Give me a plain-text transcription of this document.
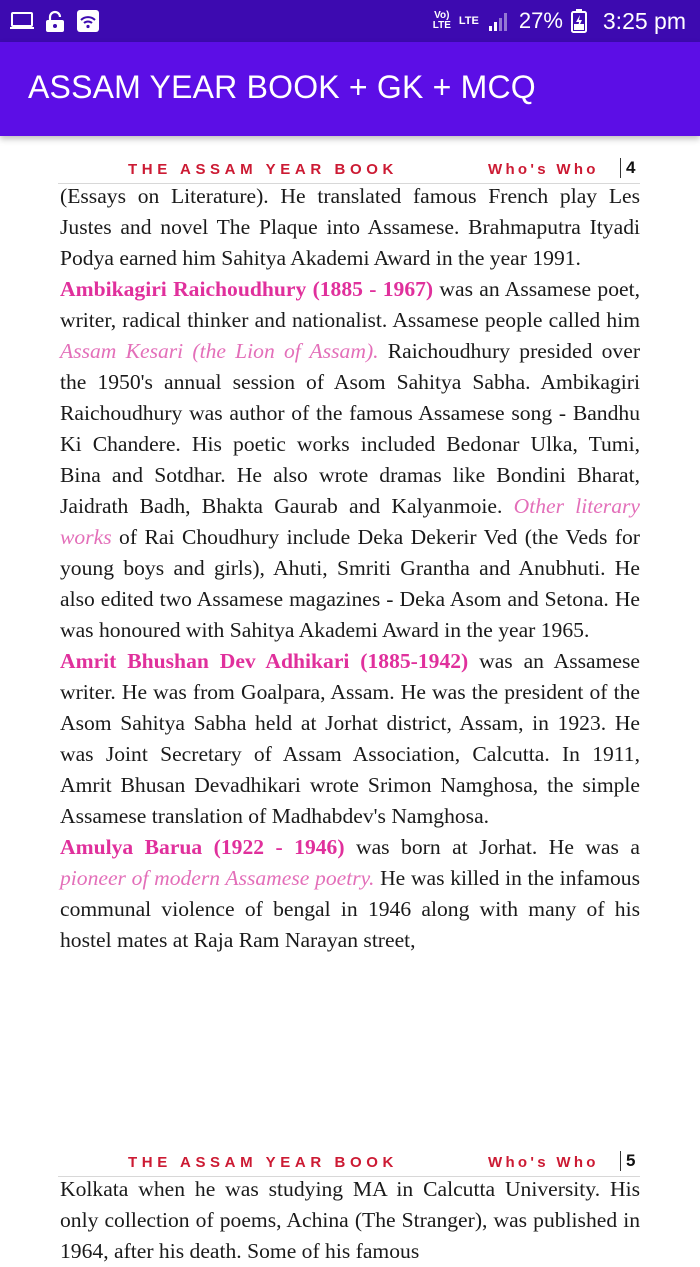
Vo)
LTE LTE 27% 3:25 pm
ASSAM YEAR BOOK + GK + MCQ
THE ASSAM YEAR BOOK	Who's Who	4

(Essays on Literature). He translated famous French play Les Justes and novel The Plaque into Assamese. Brahmaputra Ityadi Podya earned him Sahitya Akademi Award in the year 1991.

Ambikagiri Raichoudhury (1885 - 1967) was an Assamese poet, writer, radical thinker and nationalist. Assamese people called him Assam Kesari (the Lion of Assam). Raichoudhury presided over the 1950's annual session of Asom Sahitya Sabha. Ambikagiri Raichoudhury was author of the famous Assamese song - Bandhu Ki Chandere. His poetic works included Bedonar Ulka, Tumi, Bina and Sotdhar. He also wrote dramas like Bondini Bharat, Jaidrath Badh, Bhakta Gaurab and Kalyanmoie. Other literary works of Rai Choudhury include Deka Dekerir Ved (the Veds for young boys and girls), Ahuti, Smriti Grantha and Anubhuti. He also edited two Assamese magazines - Deka Asom and Setona. He was honoured with Sahitya Akademi Award in the year 1965.

Amrit Bhushan Dev Adhikari (1885-1942) was an Assamese writer. He was from Goalpara, Assam. He was the president of the Asom Sahitya Sabha held at Jorhat district, Assam, in 1923. He was Joint Secretary of Assam Association, Calcutta. In 1911, Amrit Bhusan Devadhikari wrote Srimon Namghosa, the simple Assamese translation of Madhabdev's Namghosa.

Amulya Barua (1922 - 1946) was born at Jorhat. He was a pioneer of modern Assamese poetry. He was killed in the infamous communal violence of bengal in 1946 along with many of his hostel mates at Raja Ram Narayan street,

THE ASSAM YEAR BOOK	Who's Who	5

Kolkata when he was studying MA in Calcutta University. His only collection of poems, Achina (The Stranger), was published in 1964, after his death. Some of his famous
